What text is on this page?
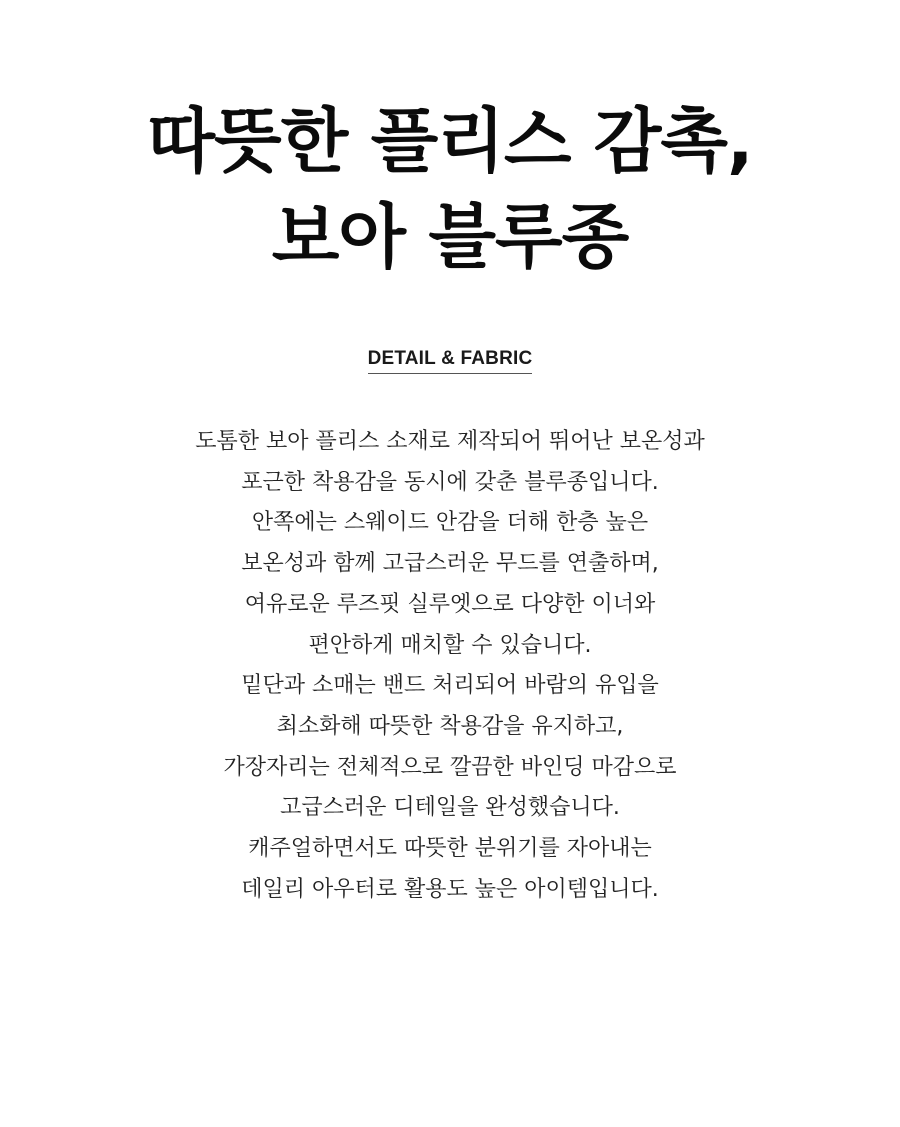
따뜻한 플리스 감촉,
보아 블루종
DETAIL & FABRIC
도톰한 보아 플리스 소재로 제작되어 뛰어난 보온성과
포근한 착용감을 동시에 갖춘 블루종입니다.
안쪽에는 스웨이드 안감을 더해 한층 높은
보온성과 함께 고급스러운 무드를 연출하며,
여유로운 루즈핏 실루엣으로 다양한 이너와
편안하게 매치할 수 있습니다.
밑단과 소매는 밴드 처리되어 바람의 유입을
최소화해 따뜻한 착용감을 유지하고,
가장자리는 전체적으로 깔끔한 바인딩 마감으로
고급스러운 디테일을 완성했습니다.
캐주얼하면서도 따뜻한 분위기를 자아내는
데일리 아우터로 활용도 높은 아이템입니다.
